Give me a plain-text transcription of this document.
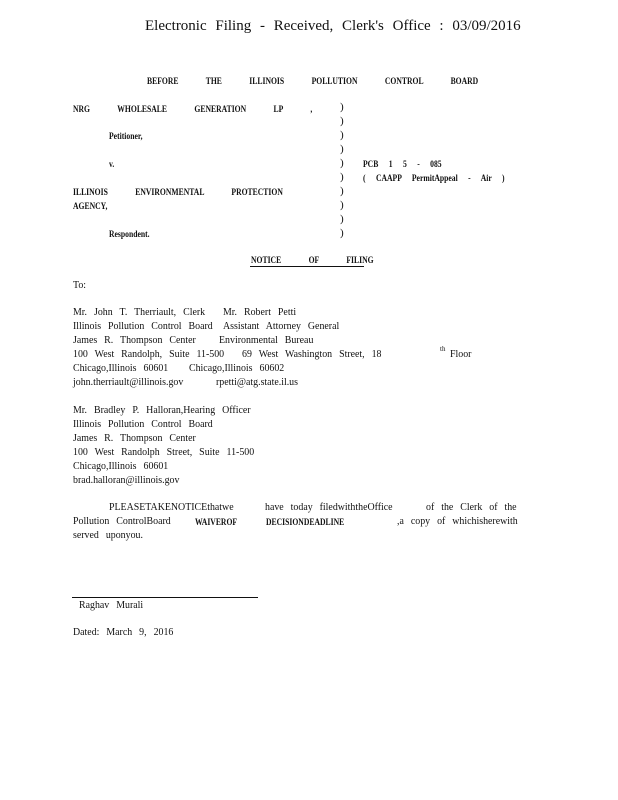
Electronic Filing - Received, Clerk's Office : 03/09/2016
BEFORE THE ILLINOIS POLLUTION CONTROL BOARD
NRG WHOLESALE GENERATION LP ,
Petitioner,
v.
ILLINOIS ENVIRONMENTAL PROTECTION
AGENCY,
Respondent.
)
)
)
)
)
)
)
)
)
)
PCB 1 5 - 085
( CAAPP PermitAppeal - Air )
NOTICE OF FILING
To:
Mr. John T. Therriault, Clerk Mr. Robert Petti
Illinois Pollution Control Board Assistant Attorney General
James R. Thompson Center Environmental Bureau
100 West Randolph, Suite 11-500 69 West Washington Street, 18	th Floor
Chicago,Illinois 60601 Chicago,Illinois 60602
john.therriault@illinois.gov	rpetti@atg.state.il.us
Mr. Bradley P. Halloran,Hearing Officer
Illinois Pollution Control Board
James R. Thompson Center
100 West Randolph Street, Suite 11-500
Chicago,Illinois 60601
brad.halloran@illinois.gov
PLEASETAKENOTICEthatwe	have today filedwiththeOffice	of the Clerk of the
Pollution ControlBoard	WAIVEROF	DECISIONDEADLINE	,a copy of whichisherewith
served uponyou.
Raghav Murali
Dated: March 9, 2016
